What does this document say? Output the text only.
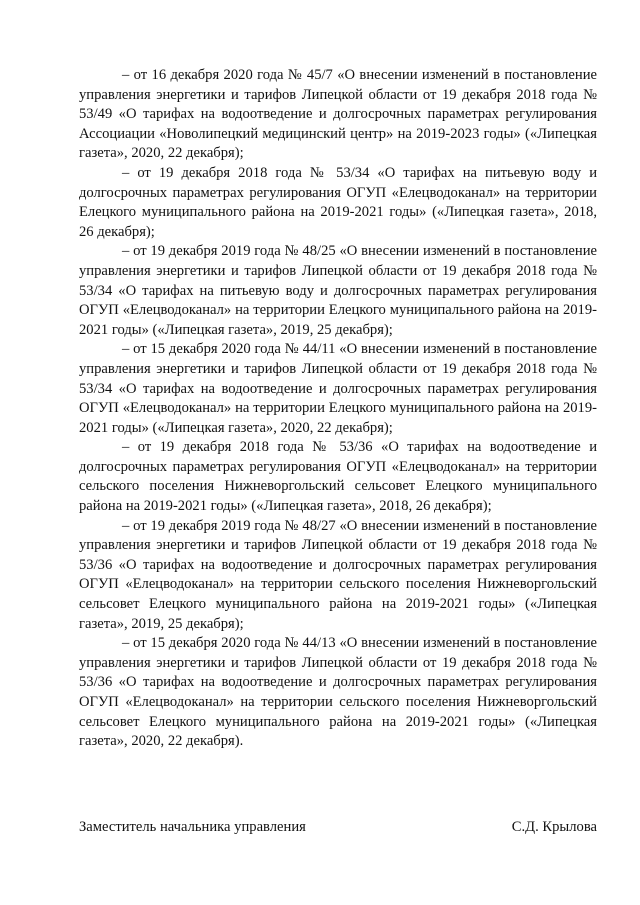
– от 16 декабря 2020 года № 45/7 «О внесении изменений в постановление управления энергетики и тарифов Липецкой области от 19 декабря 2018 года № 53/49 «О тарифах на водоотведение и долгосрочных параметрах регулирования Ассоциации «Новолипецкий медицинский центр» на 2019-2023 годы» («Липецкая газета», 2020, 22 декабря);

– от 19 декабря 2018 года № 53/34 «О тарифах на питьевую воду и долгосрочных параметрах регулирования ОГУП «Елецводоканал» на территории Елецкого муниципального района на 2019-2021 годы» («Липецкая газета», 2018, 26 декабря);

– от 19 декабря 2019 года № 48/25 «О внесении изменений в постановление управления энергетики и тарифов Липецкой области от 19 декабря 2018 года № 53/34 «О тарифах на питьевую воду и долгосрочных параметрах регулирования ОГУП «Елецводоканал» на территории Елецкого муниципального района на 2019-2021 годы» («Липецкая газета», 2019, 25 декабря);

– от 15 декабря 2020 года № 44/11 «О внесении изменений в постановление управления энергетики и тарифов Липецкой области от 19 декабря 2018 года № 53/34 «О тарифах на водоотведение и долгосрочных параметрах регулирования ОГУП «Елецводоканал» на территории Елецкого муниципального района на 2019-2021 годы» («Липецкая газета», 2020, 22 декабря);

– от 19 декабря 2018 года № 53/36 «О тарифах на водоотведение и долгосрочных параметрах регулирования ОГУП «Елецводоканал» на территории сельского поселения Нижневоргольский сельсовет Елецкого муниципального района на 2019-2021 годы» («Липецкая газета», 2018, 26 декабря);

– от 19 декабря 2019 года № 48/27 «О внесении изменений в постановление управления энергетики и тарифов Липецкой области от 19 декабря 2018 года № 53/36 «О тарифах на водоотведение и долгосрочных параметрах регулирования ОГУП «Елецводоканал» на территории сельского поселения Нижневоргольский сельсовет Елецкого муниципального района на 2019-2021 годы» («Липецкая газета», 2019, 25 декабря);

– от 15 декабря 2020 года № 44/13 «О внесении изменений в постановление управления энергетики и тарифов Липецкой области от 19 декабря 2018 года № 53/36 «О тарифах на водоотведение и долгосрочных параметрах регулирования ОГУП «Елецводоканал» на территории сельского поселения Нижневоргольский сельсовет Елецкого муниципального района на 2019-2021 годы» («Липецкая газета», 2020, 22 декабря).

Заместитель начальника управления	С.Д. Крылова
